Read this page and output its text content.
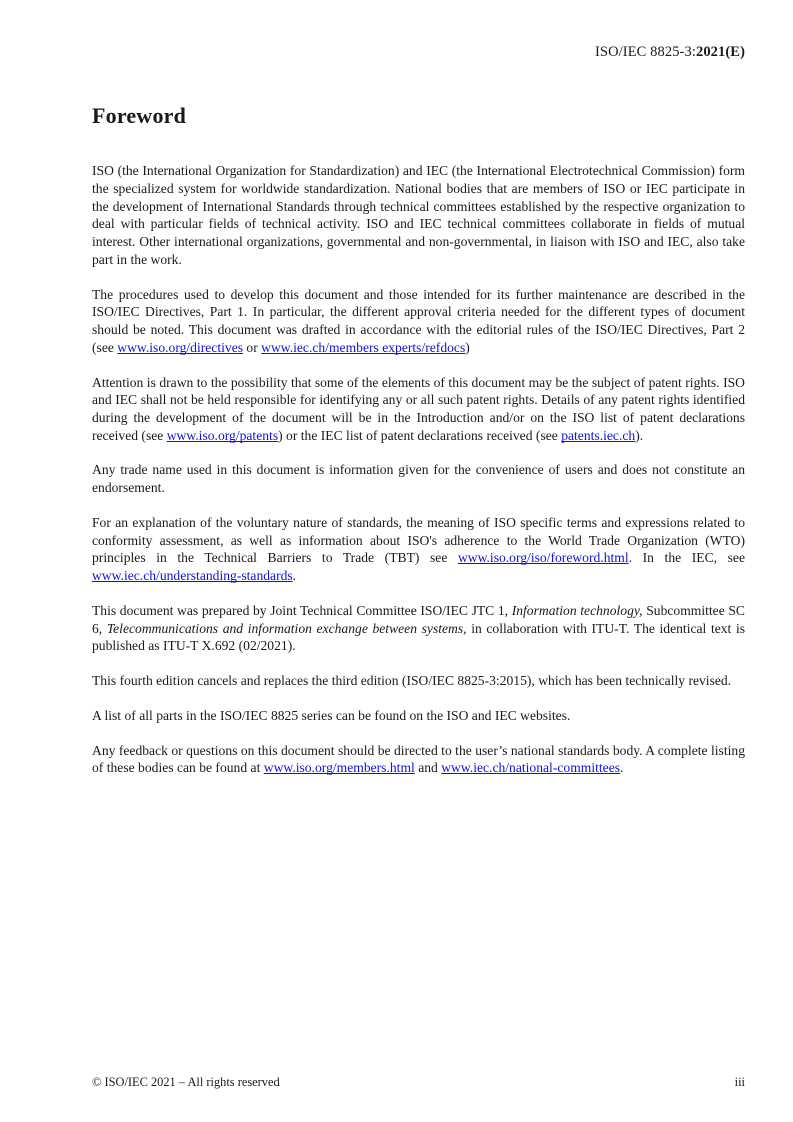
ISO/IEC 8825-3:2021(E)
Foreword

ISO (the International Organization for Standardization) and IEC (the International Electrotechnical Commission) form the specialized system for worldwide standardization. National bodies that are members of ISO or IEC participate in the development of International Standards through technical committees established by the respective organization to deal with particular fields of technical activity. ISO and IEC technical committees collaborate in fields of mutual interest. Other international organizations, governmental and non-governmental, in liaison with ISO and IEC, also take part in the work.

The procedures used to develop this document and those intended for its further maintenance are described in the ISO/IEC Directives, Part 1. In particular, the different approval criteria needed for the different types of document should be noted. This document was drafted in accordance with the editorial rules of the ISO/IEC Directives, Part 2 (see www.iso.org/directives or www.iec.ch/members experts/refdocs)

Attention is drawn to the possibility that some of the elements of this document may be the subject of patent rights. ISO and IEC shall not be held responsible for identifying any or all such patent rights. Details of any patent rights identified during the development of the document will be in the Introduction and/or on the ISO list of patent declarations received (see www.iso.org/patents) or the IEC list of patent declarations received (see patents.iec.ch).

Any trade name used in this document is information given for the convenience of users and does not constitute an endorsement.

For an explanation of the voluntary nature of standards, the meaning of ISO specific terms and expressions related to conformity assessment, as well as information about ISO's adherence to the World Trade Organization (WTO) principles in the Technical Barriers to Trade (TBT) see www.iso.org/iso/foreword.html. In the IEC, see www.iec.ch/understanding-standards.

This document was prepared by Joint Technical Committee ISO/IEC JTC 1, Information technology, Subcommittee SC 6, Telecommunications and information exchange between systems, in collaboration with ITU-T. The identical text is published as ITU-T X.692 (02/2021).

This fourth edition cancels and replaces the third edition (ISO/IEC 8825-3:2015), which has been technically revised.

A list of all parts in the ISO/IEC 8825 series can be found on the ISO and IEC websites.

Any feedback or questions on this document should be directed to the user’s national standards body. A complete listing of these bodies can be found at www.iso.org/members.html and www.iec.ch/national-committees.

© ISO/IEC 2021 – All rights reserved	iii
